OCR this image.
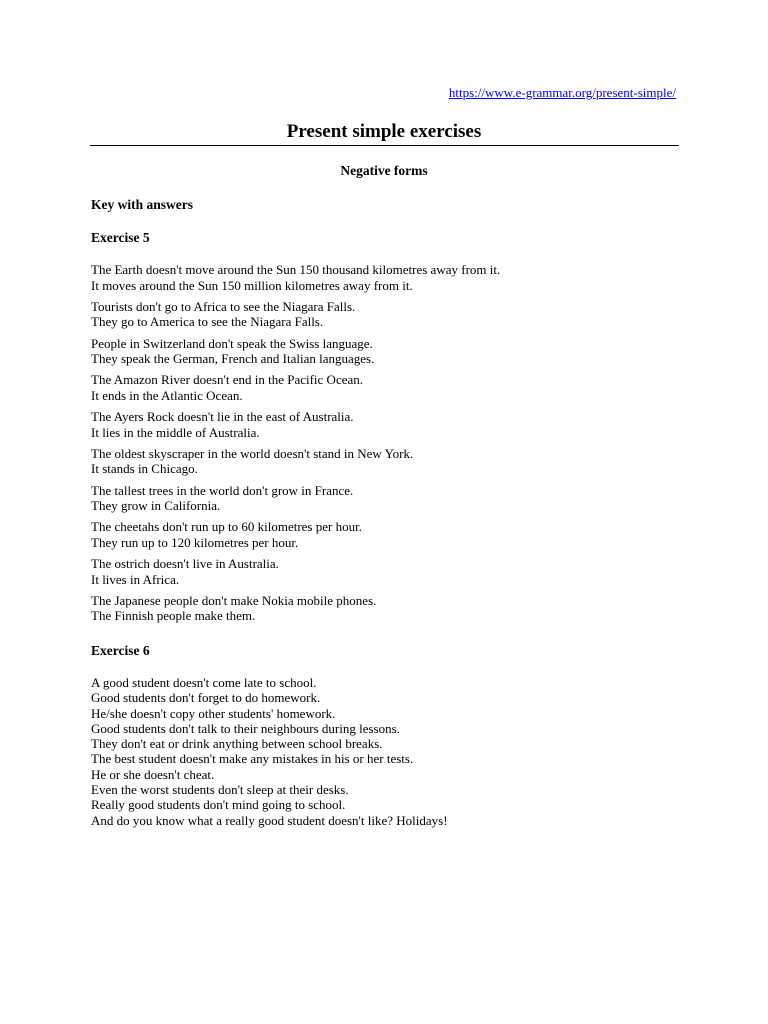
https://www.e-grammar.org/present-simple/
Present simple exercises
Negative forms
Key with answers
Exercise 5
The Earth doesn't move around the Sun 150 thousand kilometres away from it.
It moves around the Sun 150 million kilometres away from it.
Tourists don't go to Africa to see the Niagara Falls.
They go to America to see the Niagara Falls.
People in Switzerland don't speak the Swiss language.
They speak the German, French and Italian languages.
The Amazon River doesn't end in the Pacific Ocean.
It ends in the Atlantic Ocean.
The Ayers Rock doesn't lie in the east of Australia.
It lies in the middle of Australia.
The oldest skyscraper in the world doesn't stand in New York.
It stands in Chicago.
The tallest trees in the world don't grow in France.
They grow in California.
The cheetahs don't run up to 60 kilometres per hour.
They run up to 120 kilometres per hour.
The ostrich doesn't live in Australia.
It lives in Africa.
The Japanese people don't make Nokia mobile phones.
The Finnish people make them.
Exercise 6
A good student doesn't come late to school.
Good students don't forget to do homework.
He/she doesn't copy other students' homework.
Good students don't talk to their neighbours during lessons.
They don't eat or drink anything between school breaks.
The best student doesn't make any mistakes in his or her tests.
He or she doesn't cheat.
Even the worst students don't sleep at their desks.
Really good students don't mind going to school.
And do you know what a really good student doesn't like? Holidays!
